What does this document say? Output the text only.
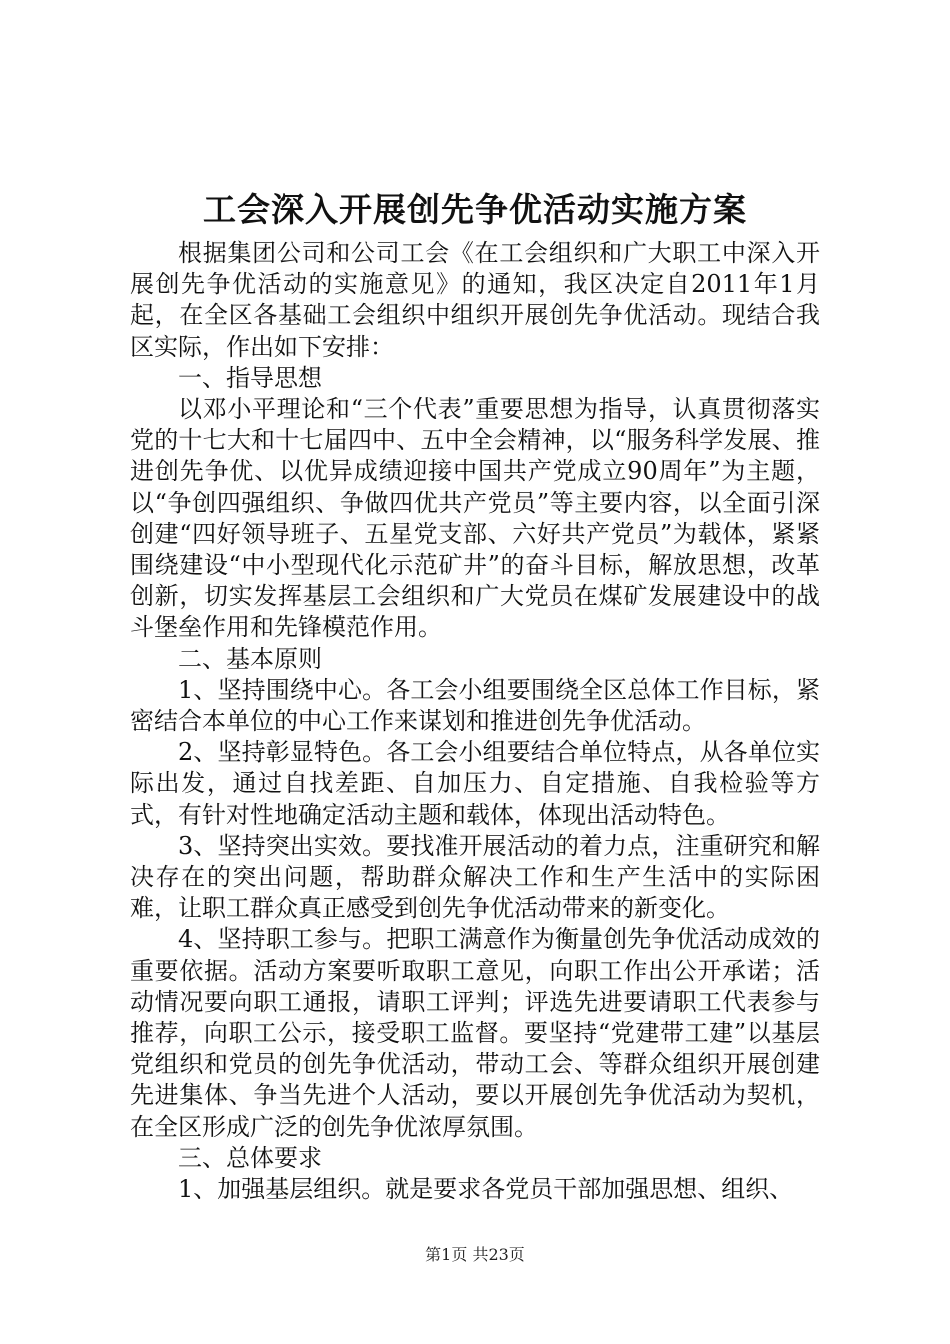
工会深入开展创先争优活动实施方案

根据集团公司和公司工会《在工会组织和广大职工中深入开展创先争优活动的实施意见》的通知，我区决定自2011年1月起，在全区各基础工会组织中组织开展创先争优活动。现结合我区实际，作出如下安排：

一、指导思想

以邓小平理论和“三个代表”重要思想为指导，认真贯彻落实党的十七大和十七届四中、五中全会精神，以“服务科学发展、推进创先争优、以优异成绩迎接中国共产党成立90周年”为主题，以“争创四强组织、争做四优共产党员”等主要内容，以全面引深创建“四好领导班子、五星党支部、六好共产党员”为载体，紧紧围绕建设“中小型现代化示范矿井”的奋斗目标，解放思想，改革创新，切实发挥基层工会组织和广大党员在煤矿发展建设中的战斗堡垒作用和先锋模范作用。

二、基本原则

1、坚持围绕中心。各工会小组要围绕全区总体工作目标，紧密结合本单位的中心工作来谋划和推进创先争优活动。

2、坚持彰显特色。各工会小组要结合单位特点，从各单位实际出发，通过自找差距、自加压力、自定措施、自我检验等方式，有针对性地确定活动主题和载体，体现出活动特色。

3、坚持突出实效。要找准开展活动的着力点，注重研究和解决存在的突出问题，帮助群众解决工作和生产生活中的实际困难，让职工群众真正感受到创先争优活动带来的新变化。

4、坚持职工参与。把职工满意作为衡量创先争优活动成效的重要依据。活动方案要听取职工意见，向职工作出公开承诺；活动情况要向职工通报，请职工评判；评选先进要请职工代表参与推荐，向职工公示，接受职工监督。要坚持“党建带工建”以基层党组织和党员的创先争优活动，带动工会、等群众组织开展创建先进集体、争当先进个人活动，要以开展创先争优活动为契机，在全区形成广泛的创先争优浓厚氛围。

三、总体要求

1、加强基层组织。就是要求各党员干部加强思想、组织、

第1页 共23页
